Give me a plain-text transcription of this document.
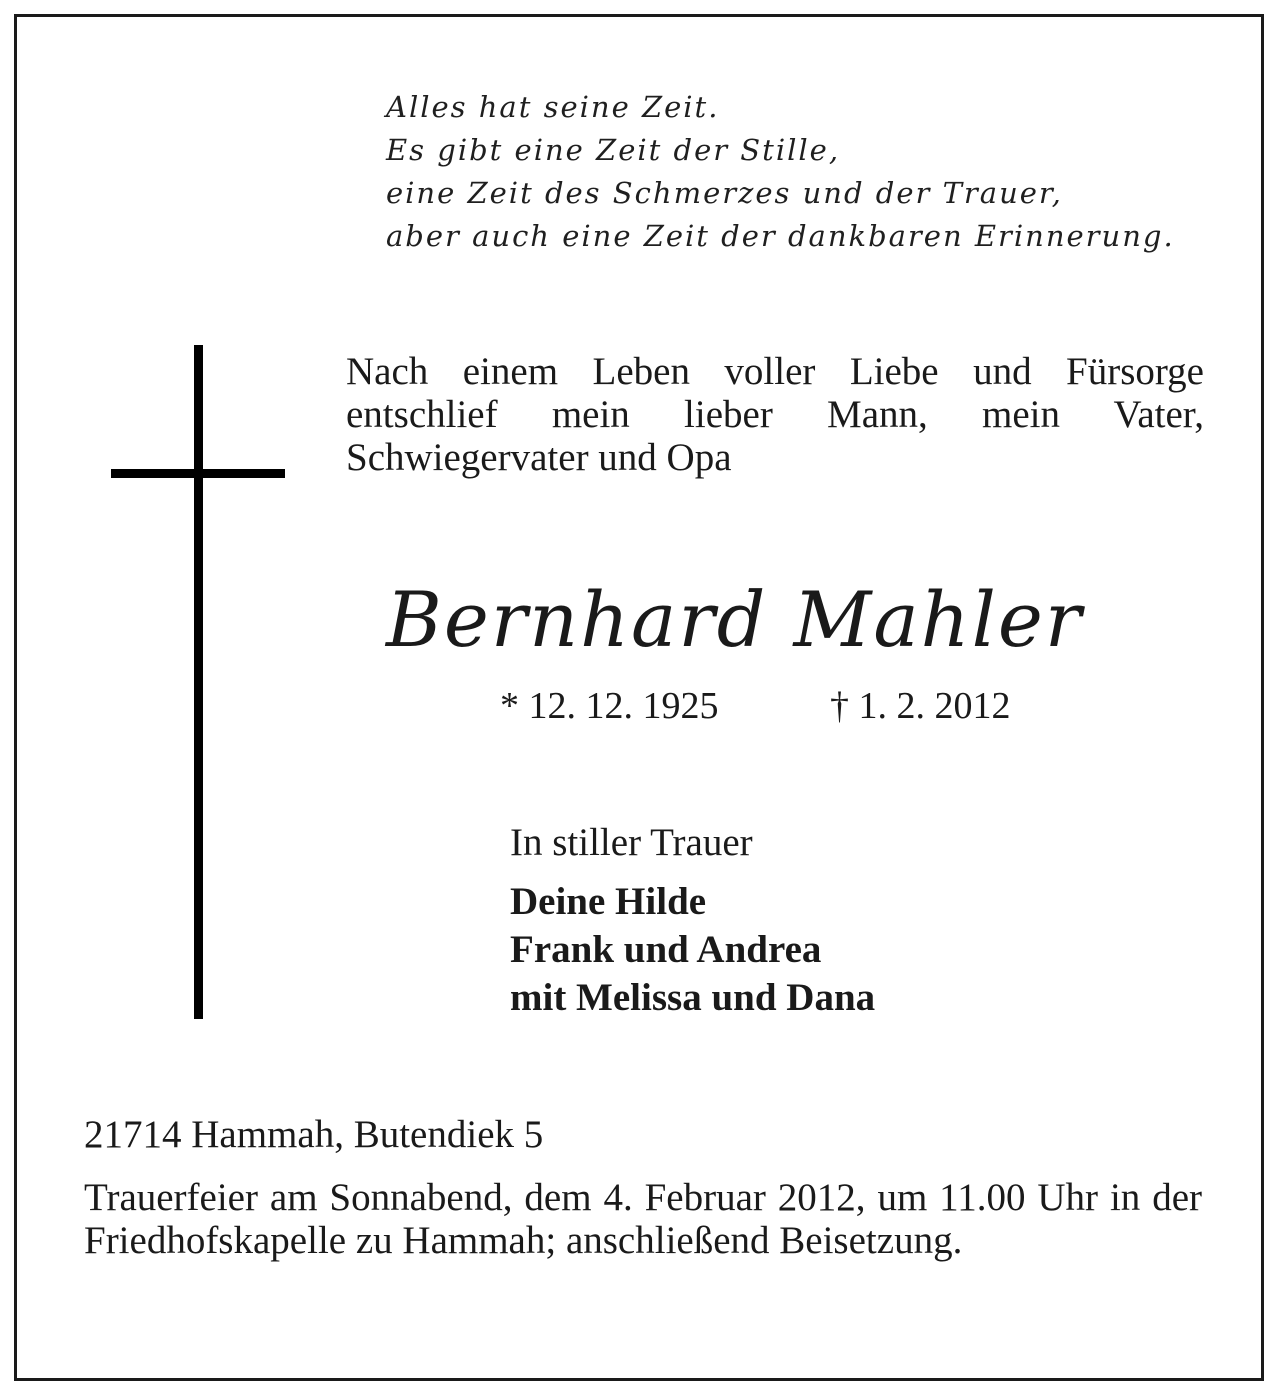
Alles hat seine Zeit.
Es gibt eine Zeit der Stille,
eine Zeit des Schmerzes und der Trauer,
aber auch eine Zeit der dankbaren Erinnerung.
Nach einem Leben voller Liebe und Fürsorge entschlief mein lieber Mann, mein Vater, Schwiegervater und Opa
Bernhard Mahler
* 12. 12. 1925	† 1. 2. 2012
In stiller Trauer
Deine Hilde
Frank und Andrea
mit Melissa und Dana
21714 Hammah, Butendiek 5
Trauerfeier am Sonnabend, dem 4. Februar 2012, um 11.00 Uhr in der Friedhofskapelle zu Hammah; anschließend Beisetzung.
